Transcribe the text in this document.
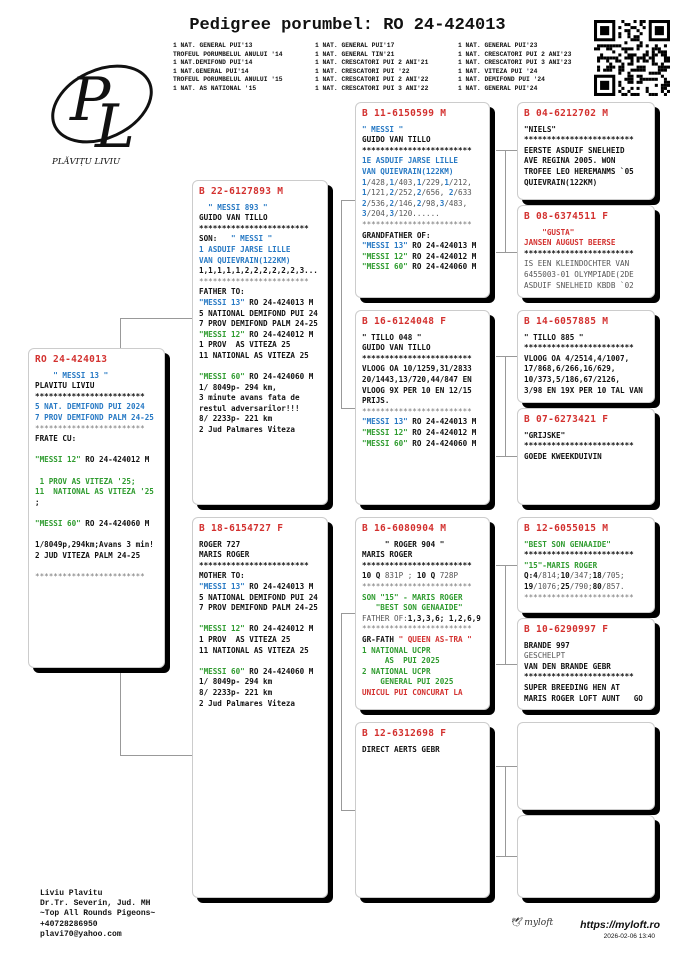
Pedigree porumbel: RO 24-424013
1 NAT. GENERAL PUI'13
TROFEUL PORUMBELUL ANULUI '14
1 NAT.DEMIFOND PUI'14
1 NAT.GENERAL PUI'14
TROFEUL PORUMBELUL ANULUI '15
1 NAT. AS NATIONAL '15
1 NAT. GENERAL PUI'17
1 NAT. GENERAL TIN'21
1 NAT. CRESCATORI PUI 2 ANI'21
1 NAT. CRESCATORI PUI '22
1 NAT. CRESCATORI PUI 2 ANI'22
1 NAT. CRESCATORI PUI 3 ANI'22
1 NAT. GENERAL PUI'23
1 NAT. CRESCATORI PUI 2 ANI'23
1 NAT. CRESCATORI PUI 3 ANI'23
1 NAT. VITEZA PUI '24
1 NAT. DEMIFOND PUI '24
1 NAT. GENERAL PUI'24
P
L
PLĂVIȚU LIVIU
RO 24-424013
" MESSI 13 "
PLAVITU LIVIU
************************
5 NAT. DEMIFOND PUI 2024
7 PROV DEMIFOND PALM 24-25
************************
FRATE CU:

"MESSI 12" RO 24-424012 M

1 PROV AS VITEZA '25;
11  NATIONAL AS VITEZA '25
;

"MESSI 60" RO 24-424060 M

1/8049p,294km;Avans 3 min!
2 JUD VITEZA PALM 24-25

************************
B 22-6127893 M
" MESSI 893 "
GUIDO VAN TILLO
************************
SON:   " MESSI "
1 ASDUIF JARSE LILLE
VAN QUIEVRAIN(122KM)
1,1,1,1,1,2,2,2,2,2,2,3...
************************
FATHER TO:
"MESSI 13" RO 24-424013 M
5 NATIONAL DEMIFOND PUI 24
7 PROV DEMIFOND PALM 24-25
"MESSI 12" RO 24-424012 M
1 PROV  AS VITEZA 25
11 NATIONAL AS VITEZA 25

"MESSI 60" RO 24-424060 M
1/ 8049p- 294 km,
3 minute avans fata de
restul adversarilor!!!
8/ 2233p- 221 km
2 Jud Palmares Viteza
B 18-6154727 F
ROGER 727
MARIS ROGER
************************
MOTHER TO:
"MESSI 13" RO 24-424013 M
5 NATIONAL DEMIFOND PUI 24
7 PROV DEMIFOND PALM 24-25

"MESSI 12" RO 24-424012 M
1 PROV  AS VITEZA 25
11 NATIONAL AS VITEZA 25

"MESSI 60" RO 24-424060 M
1/ 8049p- 294 km
8/ 2233p- 221 km
2 Jud Palmares Viteza
B 11-6150599 M
" MESSI "
GUIDO VAN TILLO
************************
1E ASDUIF JARSE LILLE
VAN QUIEVRAIN(122KM)
1/428,1/403,1/229,1/212,
1/121,2/252,2/656, 2/633
2/536,2/146,2/98,3/483,
3/204,3/120......
************************
GRANDFATHER OF:
"MESSI 13" RO 24-424013 M
"MESSI 12" RO 24-424012 M
"MESSI 60" RO 24-424060 M
B 16-6124048 F
" TILLO 048 "
GUIDO VAN TILLO
************************
VLOOG OA 10/1259,31/2833
20/1443,13/720,44/847 EN
VLOOG 9X PER 10 EN 12/15
PRIJS.
************************
"MESSI 13" RO 24-424013 M
"MESSI 12" RO 24-424012 M
"MESSI 60" RO 24-424060 M
B 16-6080904 M
" ROGER 904 "
MARIS ROGER
************************
10 Q 831P ; 10 Q 728P
************************
SON "15" - MARIS ROGER
"BEST SON GENAAIDE"
FATHER OF:1,3,3,6; 1,2,6,9
************************
GR-FATH " QUEEN AS-TRA "
1 NATIONAL UCPR
AS  PUI 2025
2 NATIONAL UCPR
GENERAL PUI 2025
UNICUL PUI CONCURAT LA
B 12-6312698 F
DIRECT AERTS GEBR
B 04-6212702 M
"NIELS"
************************
EERSTE ASDUIF SNELHEID
AVE REGINA 2005. WON
TROFEE LEO HEREMANMS `05
QUIEVRAIN(122KM)
B 08-6374511 F
"GUSTA"
JANSEN AUGUST BEERSE
************************
IS EEN KLEINDOCHTER VAN
6455003-01 OLYMPIADE(2DE
ASDUIF SNELHEID KBDB `02
B 14-6057885 M
" TILLO 885 "
************************
VLOOG OA 4/2514,4/1007,
17/868,6/266,16/629,
10/373,5/186,67/2126,
3/98 EN 19X PER 10 TAL VAN
B 07-6273421 F
"GRIJSKE"
************************
GOEDE KWEEKDUIVIN
B 12-6055015 M
"BEST SON GENAAIDE"
************************
"15"-MARIS ROGER
Q:4/814;10/347;18/705;
19/1076;25/790;80/857.
************************
B 10-6290997 F
BRANDE 997
GESCHELPT
VAN DEN BRANDE GEBR
************************
SUPER BREEDING HEN AT
MARIS ROGER LOFT AUNT   GO
Liviu Plavitu
Dr.Tr. Severin, Jud. MH
~Top All Rounds Pigeons~
+40728286950
plavi70@yahoo.com
🕊 myloft	https://myloft.ro
2026-02-06 13:40
